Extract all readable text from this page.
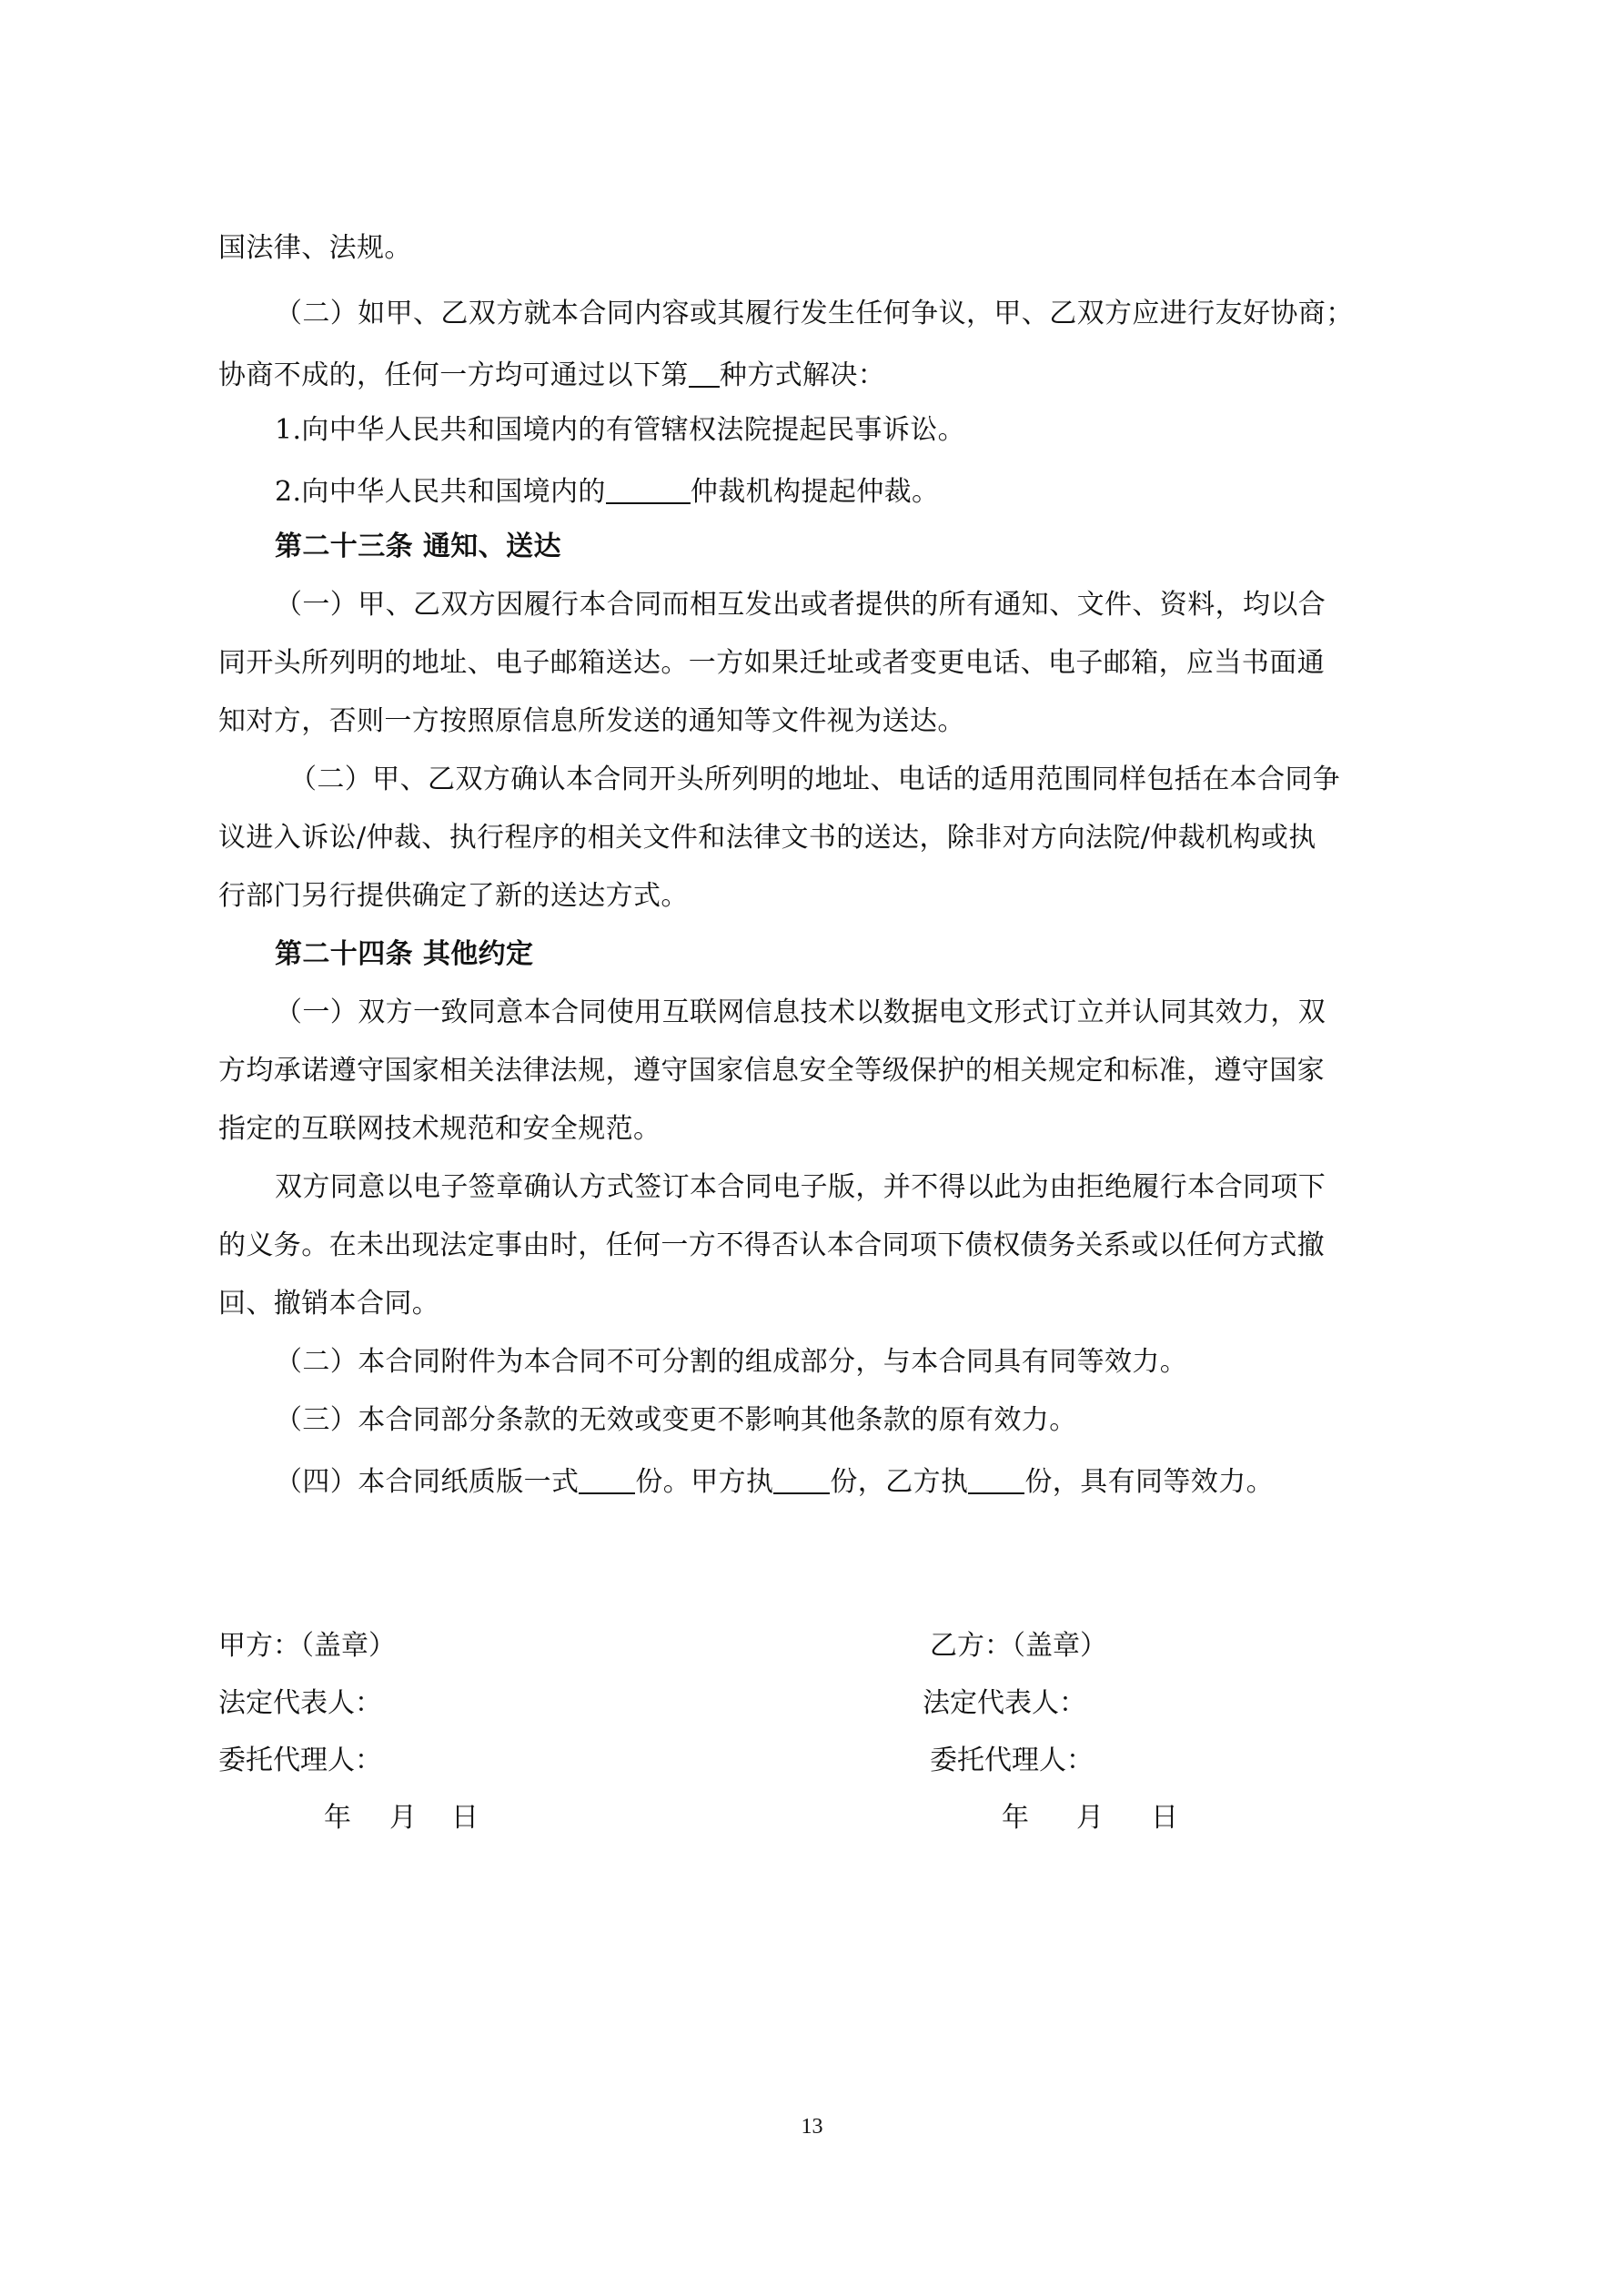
国法律、法规。
（二）如甲、乙双方就本合同内容或其履行发生任何争议，甲、乙双方应进行友好协商；
协商不成的，任何一方均可通过以下第 种方式解决：
1.向中华人民共和国境内的有管辖权法院提起民事诉讼。
2.向中华人民共和国境内的	仲裁机构提起仲裁。
第二十三条 通知、送达
（一）甲、乙双方因履行本合同而相互发出或者提供的所有通知、文件、资料，均以合
同开头所列明的地址、电子邮箱送达。一方如果迁址或者变更电话、电子邮箱，应当书面通
知对方，否则一方按照原信息所发送的通知等文件视为送达。
（二）甲、乙双方确认本合同开头所列明的地址、电话的适用范围同样包括在本合同争
议进入诉讼/仲裁、执行程序的相关文件和法律文书的送达，除非对方向法院/仲裁机构或执
行部门另行提供确定了新的送达方式。
第二十四条 其他约定
（一）双方一致同意本合同使用互联网信息技术以数据电文形式订立并认同其效力，双
方均承诺遵守国家相关法律法规，遵守国家信息安全等级保护的相关规定和标准，遵守国家
指定的互联网技术规范和安全规范。
双方同意以电子签章确认方式签订本合同电子版，并不得以此为由拒绝履行本合同项下
的义务。在未出现法定事由时，任何一方不得否认本合同项下债权债务关系或以任何方式撤
回、撤销本合同。
（二）本合同附件为本合同不可分割的组成部分，与本合同具有同等效力。
（三）本合同部分条款的无效或变更不影响其他条款的原有效力。
（四）本合同纸质版一式 份。甲方执 份，乙方执 份，具有同等效力。
甲方：（盖章）
法定代表人：
委托代理人：
年 月 日
乙方：（盖章）
法定代表人：
委托代理人：
年 月 日
13
